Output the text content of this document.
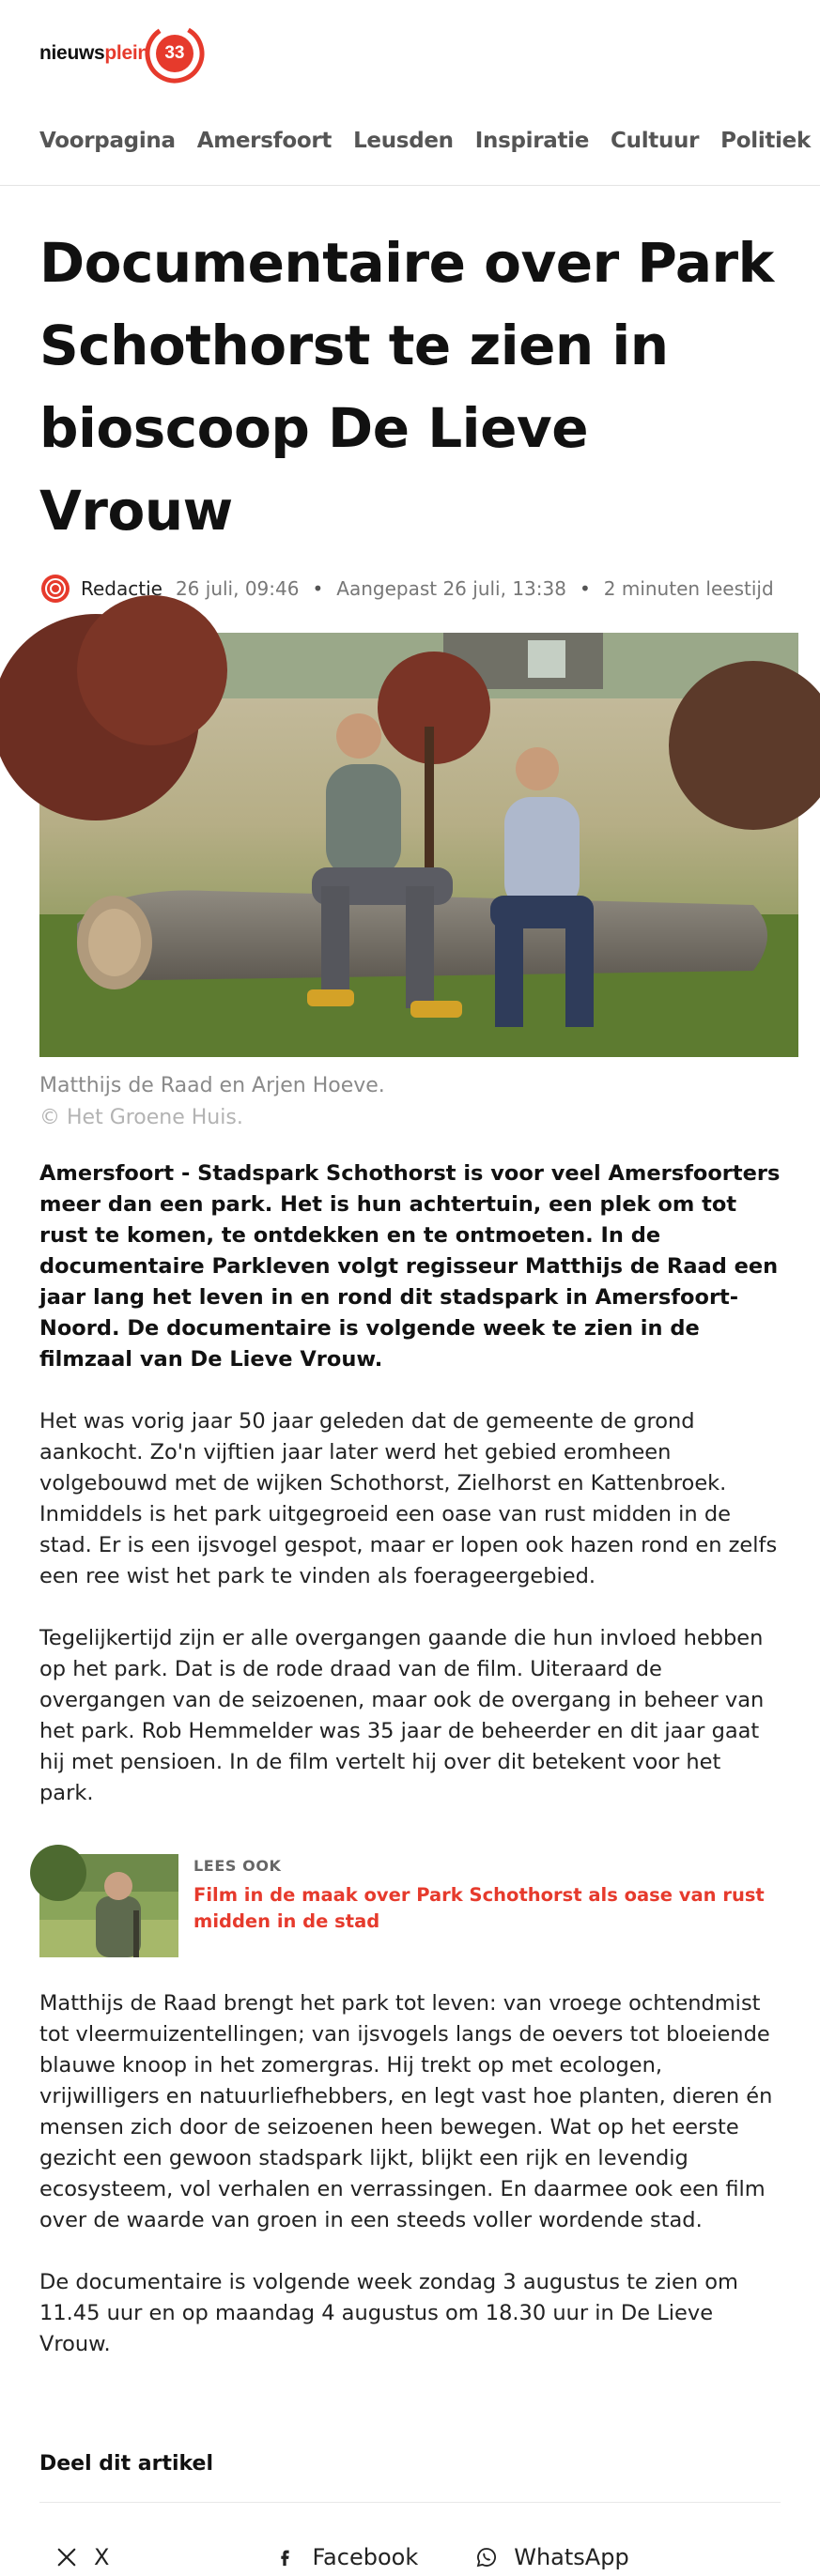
nieuwsplein 33
Voorpagina Amersfoort Leusden Inspiratie Cultuur Politiek
Documentaire over Park Schothorst te zien in bioscoop De Lieve Vrouw
Redactie 26 juli, 09:46 • Aangepast 26 juli, 13:38 • 2 minuten leestijd
Matthijs de Raad en Arjen Hoeve.
© Het Groene Huis.

Amersfoort - Stadspark Schothorst is voor veel Amersfoorters meer dan een park. Het is hun achtertuin, een plek om tot rust te komen, te ontdekken en te ontmoeten. In de documentaire Parkleven volgt regisseur Matthijs de Raad een jaar lang het leven in en rond dit stadspark in Amersfoort-Noord. De documentaire is volgende week te zien in de filmzaal van De Lieve Vrouw.

Het was vorig jaar 50 jaar geleden dat de gemeente de grond aankocht. Zo'n vijftien jaar later werd het gebied eromheen volgebouwd met de wijken Schothorst, Zielhorst en Kattenbroek. Inmiddels is het park uitgegroeid een oase van rust midden in de stad. Er is een ijsvogel gespot, maar er lopen ook hazen rond en zelfs een ree wist het park te vinden als foerageergebied.

Tegelijkertijd zijn er alle overgangen gaande die hun invloed hebben op het park. Dat is de rode draad van de film. Uiteraard de overgangen van de seizoenen, maar ook de overgang in beheer van het park. Rob Hemmelder was 35 jaar de beheerder en dit jaar gaat hij met pensioen. In de film vertelt hij over dit betekent voor het park.

LEES OOK
Film in de maak over Park Schothorst als oase van rust midden in de stad

Matthijs de Raad brengt het park tot leven: van vroege ochtendmist tot vleermuizentellingen; van ijsvogels langs de oevers tot bloeiende blauwe knoop in het zomergras. Hij trekt op met ecologen, vrijwilligers en natuurliefhebbers, en legt vast hoe planten, dieren én mensen zich door de seizoenen heen bewegen. Wat op het eerste gezicht een gewoon stadspark lijkt, blijkt een rijk en levendig ecosysteem, vol verhalen en verrassingen. En daarmee ook een film over de waarde van groen in een steeds voller wordende stad.

De documentaire is volgende week zondag 3 augustus te zien om 11.45 uur en op maandag 4 augustus om 18.30 uur in De Lieve Vrouw.

Deel dit artikel
X	Facebook	WhatsApp
